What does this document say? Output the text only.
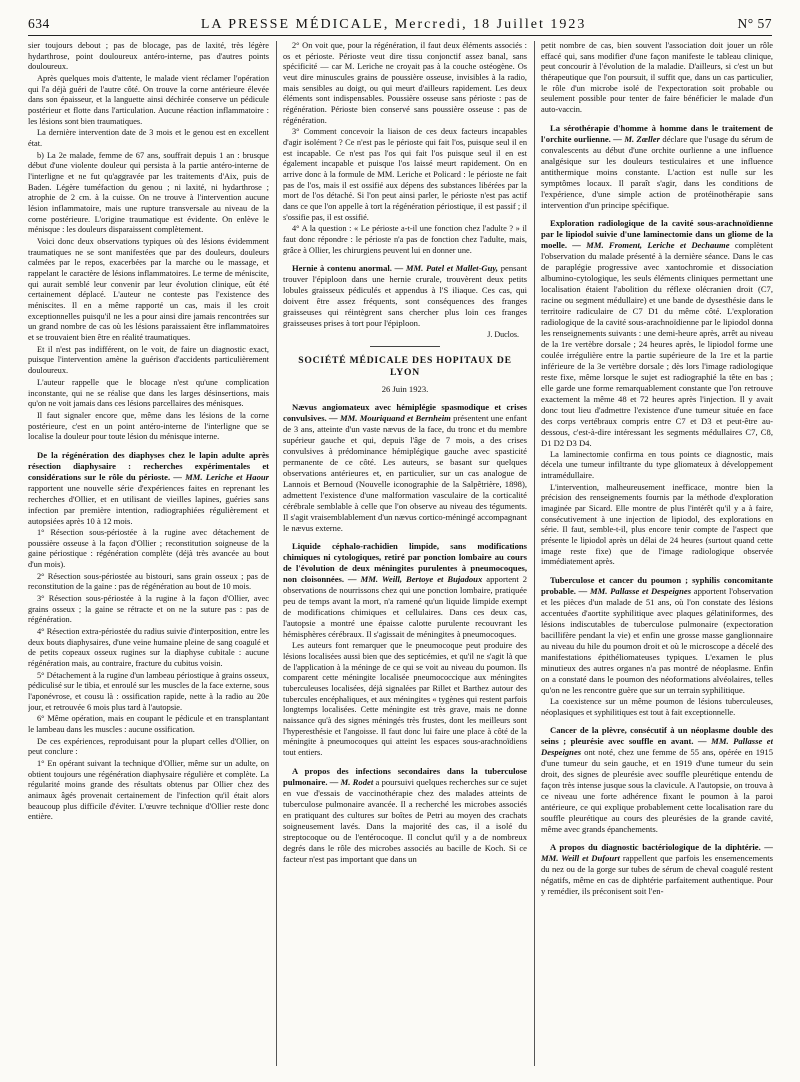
634	LA PRESSE MÉDICALE, Mercredi, 18 Juillet 1923	N° 57

sier toujours debout ; pas de blocage, pas de laxité, très légère hydarthrose, point douloureux antéro-interne, pas d'autres points douloureux.

Après quelques mois d'attente, le malade vient réclamer l'opération qui l'a déjà guéri de l'autre côté. On trouve la corne antérieure élevée dans son épaisseur, et la languette ainsi déchirée conserve un pédicule postérieur et flotte dans l'articulation. Aucune réaction inflammatoire : les lésions sont bien traumatiques.

La dernière intervention date de 3 mois et le genou est en excellent état.

b) La 2e malade, femme de 67 ans, souffrait depuis 1 an : brusque début d'une violente douleur qui persista à la partie antéro-interne de l'interligne et ne fut qu'aggravée par les traitements d'Aix, puis de Baden. Légère tuméfaction du genou ; ni laxité, ni hydarthrose ; atrophie de 2 cm. à la cuisse. On ne trouve à l'intervention aucune lésion inflammatoire, mais une rupture transversale au niveau de la corne postérieure. L'origine traumatique est évidente. On enlève le ménisque : les douleurs disparaissent complètement.

Voici donc deux observations typiques où des lésions évidemment traumatiques ne se sont manifestées que par des douleurs, douleurs calmées par le repos, exacerbées par la marche ou le massage, et rappelant le caractère de lésions inflammatoires. Le terme de méniscite, qui aurait semblé leur convenir par leur évolution clinique, eût été certainement déplacé. L'auteur ne conteste pas l'existence des méniscites. Il en a même rapporté un cas, mais il les croit exceptionnelles puisqu'il ne les a pour ainsi dire jamais rencontrées sur un grand nombre de cas où les lésions paraissaient être inflammatoires et se trouvaient bien être en réalité traumatiques.

Et il n'est pas indifférent, on le voit, de faire un diagnostic exact, puisque l'intervention amène la guérison d'accidents particulièrement douloureux.

L'auteur rappelle que le blocage n'est qu'une complication inconstante, qui ne se réalise que dans les larges désinsertions, mais qu'on ne voit jamais dans ces lésions parcellaires des ménisques.

Il faut signaler encore que, même dans les lésions de la corne postérieure, c'est en un point antéro-interne de l'interligne que se localise la douleur pour toute lésion du ménisque interne.

De la régénération des diaphyses chez le lapin adulte après résection diaphysaire : recherches expérimentales et considérations sur le rôle du périoste. — MM. Leriche et Haour rapportent une nouvelle série d'expériences faites en reprenant les recherches d'Ollier, et en utilisant de vieilles lapines, guéries sans infection par première intention, radiographiées régulièrement et autopsiées après 10 à 12 mois.

1° Résection sous-périostée à la rugine avec détachement de poussière osseuse à la façon d'Ollier ; reconstitution soigneuse de la gaine périostique : régénération complète (déjà très avancée au bout d'un mois).

2° Résection sous-périostée au bistouri, sans grain osseux ; pas de reconstitution de la gaine : pas de régénération au bout de 10 mois.

3° Résection sous-périostée à la rugine à la façon d'Ollier, avec grains osseux ; la gaine se rétracte et on ne la suture pas : pas de régénération.

4° Résection extra-périostée du radius suivie d'interposition, entre les deux bouts diaphysaires, d'une veine humaine pleine de sang coagulé et de petits copeaux osseux rugines sur la diaphyse cubitale : aucune régénération mais, au contraire, fracture du cubitus voisin.

5° Détachement à la rugine d'un lambeau périostique à grains osseux, pédiculisé sur le tibia, et enroulé sur les muscles de la face externe, sous l'aponévrose, et cousu là : ossification rapide, nette à la radio au 20e jour, et retrouvée 6 mois plus tard à l'autopsie.

6° Même opération, mais en coupant le pédicule et en transplantant le lambeau dans les muscles : aucune ossification.

De ces expériences, reproduisant pour la plupart celles d'Ollier, on peut conclure :

1° En opérant suivant la technique d'Ollier, même sur un adulte, on obtient toujours une régénération diaphysaire régulière et complète. La régularité moins grande des résultats obtenus par Ollier chez des animaux âgés provenait certainement de l'infection qu'il était alors beaucoup plus difficile d'éviter. L'œuvre technique d'Ollier reste donc entière.

2° On voit que, pour la régénération, il faut deux éléments associés : os et périoste. Périoste veut dire tissu conjonctif assez banal, sans spécificité — car M. Leriche ne croyait pas à la couche ostéogène. Os veut dire minuscules grains de poussière osseuse, invisibles à la radio, mais sensibles au doigt, ou qui meurt d'ailleurs rapidement. Les deux éléments sont indispensables. Poussière osseuse sans périoste : pas de régénération. Périoste bien conservé sans poussière osseuse : pas de régénération.

3° Comment concevoir la liaison de ces deux facteurs incapables d'agir isolément ? Ce n'est pas le périoste qui fait l'os, puisque seul il en est incapable. Ce n'est pas l'os qui fait l'os puisque seul il en est également incapable et puisque l'os laissé meurt rapidement. On en arrive donc à la formule de MM. Leriche et Policard : le périoste ne fait pas de l'os, mais il est ossifié aux dépens des substances libérées par la mort de l'os détaché. Si l'on peut ainsi parler, le périoste n'est pas actif dans ce que l'on appelle à tort la régénération périostique, il est passif ; il s'ossifie pas, il est ossifié.

4° A la question : « Le périoste a-t-il une fonction chez l'adulte ? » il faut donc répondre : le périoste n'a pas de fonction chez l'adulte, mais, grâce à Ollier, les chirurgiens peuvent lui en donner une.

Hernie à contenu anormal. — MM. Patel et Mallet-Guy, pensant trouver l'épiploon dans une hernie crurale, trouvèrent deux petits lobules graisseux pédiculés et appendus à l'S iliaque. Ces cas, qui doivent être assez fréquents, sont conséquences des franges graisseuses qui réintègrent sans chercher plus loin ces franges graisseuses prises à tort pour l'épiploon.
J. Duclos.
SOCIÉTÉ MÉDICALE DES HOPITAUX DE LYON
26 Juin 1923.
Nævus angiomateux avec hémiplégie spasmodique et crises convulsives. — MM. Mouriquand et Bernheim présentent une enfant de 3 ans, atteinte d'un vaste nævus de la face, du tronc et du membre supérieur gauche et qui, depuis l'âge de 7 mois, a des crises convulsives à prédominance hémiplégique gauche avec spasticité permanente de ce côté. Les auteurs, se basant sur quelques observations antérieures et, en particulier, sur un cas analogue de Lannois et Bernoud (Nouvelle iconographie de la Salpêtrière, 1898), admettent l'existence d'une malformation vasculaire de la corticalité cérébrale semblable à celle que l'on observe au niveau des téguments. Il s'agit vraisemblablement d'un nævus cortico-méningé accompagnant le nævus externe.
Liquide céphalo-rachidien limpide, sans modifications chimiques ni cytologiques, retiré par ponction lombaire au cours de l'évolution de deux méningites purulentes à pneumocoques, non cloisonnées. — MM. Weill, Bertoye et Bujadoux apportent 2 observations de nourrissons chez qui une ponction lombaire, pratiquée peu de temps avant la mort, n'a ramené qu'un liquide limpide exempt de modifications chimiques et cellulaires. Dans ces deux cas, l'autopsie a montré une épaisse calotte purulente recouvrant les hémisphères cérébraux. Il s'agissait de méningites à pneumocoques.

Les auteurs font remarquer que le pneumocoque peut produire des lésions localisées aussi bien que des septicémies, et qu'il ne s'agit là que de l'application à la méninge de ce qui se voit au niveau du poumon. Ils comparent cette méningite localisée pneumococcique aux méningites tuberculeuses localisées, déjà signalées par Rillet et Barthez autour des tubercules encéphaliques, et aux méningites « tygènes qui restent parfois longtemps localisées. Cette méningite est très grave, mais ne donne naissance qu'à des signes méningés très frustes, dont les meilleurs sont l'hyperesthésie et l'angoisse. Il faut donc lui faire une place à côté de la méningite à pneumocoques qui atteint les espaces sous-arachnoïdiens tout entiers.

A propos des infections secondaires dans la tuberculose pulmonaire. — M. Rodet a poursuivi quelques recherches sur ce sujet en vue d'essais de vaccinothérapie chez des malades atteints de tuberculose pulmonaire avancée. Il a recherché les microbes associés en pratiquant des cultures sur boîtes de Petri au moyen des crachats soigneusement lavés. Dans la majorité des cas, il a isolé du streptocoque ou de l'entérocoque. Il conclut qu'il y a de nombreux degrés dans le rôle des microbes associés au bacille de Koch. Si ce facteur n'est pas important que dans un

petit nombre de cas, bien souvent l'association doit jouer un rôle effacé qui, sans modifier d'une façon manifeste le tableau clinique, peut concourir à l'évolution de la maladie. D'ailleurs, si c'est un but thérapeutique que l'on poursuit, il suffit que, dans un cas particulier, le rôle d'un microbe isolé de l'expectoration soit probable ou seulement possible pour tenter de faire bénéficier le malade d'un auto-vaccin.

La sérothérapie d'homme à homme dans le traitement de l'orchite ourlienne. — M. Zœller déclare que l'usage du sérum de convalescents au début d'une orchite ourlienne a une influence analgésique sur les douleurs testiculaires et une influence antithermique moins constante. L'action est nulle sur les symptômes locaux. Il paraît s'agir, dans les conditions de l'expérience, d'une simple action de protéinothérapie sans intervention d'un principe spécifique.
Exploration radiologique de la cavité sous-arachnoïdienne par le lipiodol suivie d'une laminectomie dans un gliome de la moelle. — MM. Froment, Leriche et Dechaume complètent l'observation du malade présenté à la dernière séance. Dans le cas de paraplégie progressive avec xantochromie et dissociation albumino-cytologique, les seuls éléments cliniques permettant une localisation étaient l'abolition du réflexe olécranien droit (C7, racine ou segment médullaire) et une bande de dysesthésie dans le territoire radiculaire de C7 D1 du même côté. L'exploration radiologique de la cavité sous-arachnoïdienne par le lipiodol donna les renseignements suivants : une demi-heure après, arrêt au niveau de la 1re vertèbre dorsale ; 24 heures après, le lipiodol forme une coulée irrégulière entre la partie supérieure de la 1re et la partie inférieure de la 3e vertèbre dorsale ; dès lors l'image radiologique reste fixe, même lorsque le sujet est radiographié la tête en bas ; elle garde une forme remarquablement constante que l'on retrouve exactement la même 48 et 72 heures après l'injection. Il y avait donc tout lieu d'admettre l'existence d'une tumeur située en face des corps vertébraux compris entre C7 et D3 et peut-être au-dessous, c'est-à-dire intéressant les segments médullaires C7, C8, D1 D2 D3 D4.

La laminectomie confirma en tous points ce diagnostic, mais décela une tumeur infiltrante du type gliomateux à développement intramédullaire.

L'intervention, malheureusement inefficace, montre bien la précision des renseignements fournis par la méthode d'exploration imaginée par Sicard. Elle montre de plus l'intérêt qu'il y a à faire, consécutivement à une injection de lipiodol, des explorations en série. Il faut, semble-t-il, plus encore tenir compte de l'aspect que présente le lipiodol après un délai de 24 heures (surtout quand cette image reste fixe) que de l'image radiologique observée immédiatement après.

Tuberculose et cancer du poumon ; syphilis concomitante probable. — MM. Pallasse et Despeignes apportent l'observation et les pièces d'un malade de 51 ans, où l'on constate des lésions accentuées d'aortite syphilitique avec plaques gélatiniformes, des lésions indiscutables de tuberculose pulmonaire (expectoration bacillifère pendant la vie) et enfin une grosse masse ganglionnaire au niveau du hile du poumon droit et où le microscope a décelé des manifestations épithéliomateuses typiques. L'examen le plus minutieux des autres organes n'a pas montré de néoplasme. Enfin on a constaté dans le poumon des néoformations alvéolaires, telles qu'on ne les rencontre guère que sur un terrain syphilitique.

La coexistence sur un même poumon de lésions tuberculeuses, néoplasiques et syphilitiques est tout à fait exceptionnelle.

Cancer de la plèvre, consécutif à un néoplasme double des seins ; pleurésie avec souffle en avant. — MM. Pallasse et Despeignes ont noté, chez une femme de 55 ans, opérée en 1915 d'une tumeur du sein gauche, et en 1919 d'une tumeur du sein droit, des signes de pleurésie avec souffle pleurétique entendu de façon très intense jusque sous la clavicule. A l'autopsie, on trouva à ce niveau une forte adhérence fixant le poumon à la paroi antérieure, ce qui explique probablement cette localisation rare du souffle pleurétique au cours des pleurésies de la grande cavité, même avec grands épanchements.
A propos du diagnostic bactériologique de la diphtérie. — MM. Weill et Dufourt rappellent que parfois les ensemencements du nez ou de la gorge sur tubes de sérum de cheval coagulé restent négatifs, même en cas de diphtérie parfaitement authentique. Pour y remédier, ils préconisent soit l'en-
